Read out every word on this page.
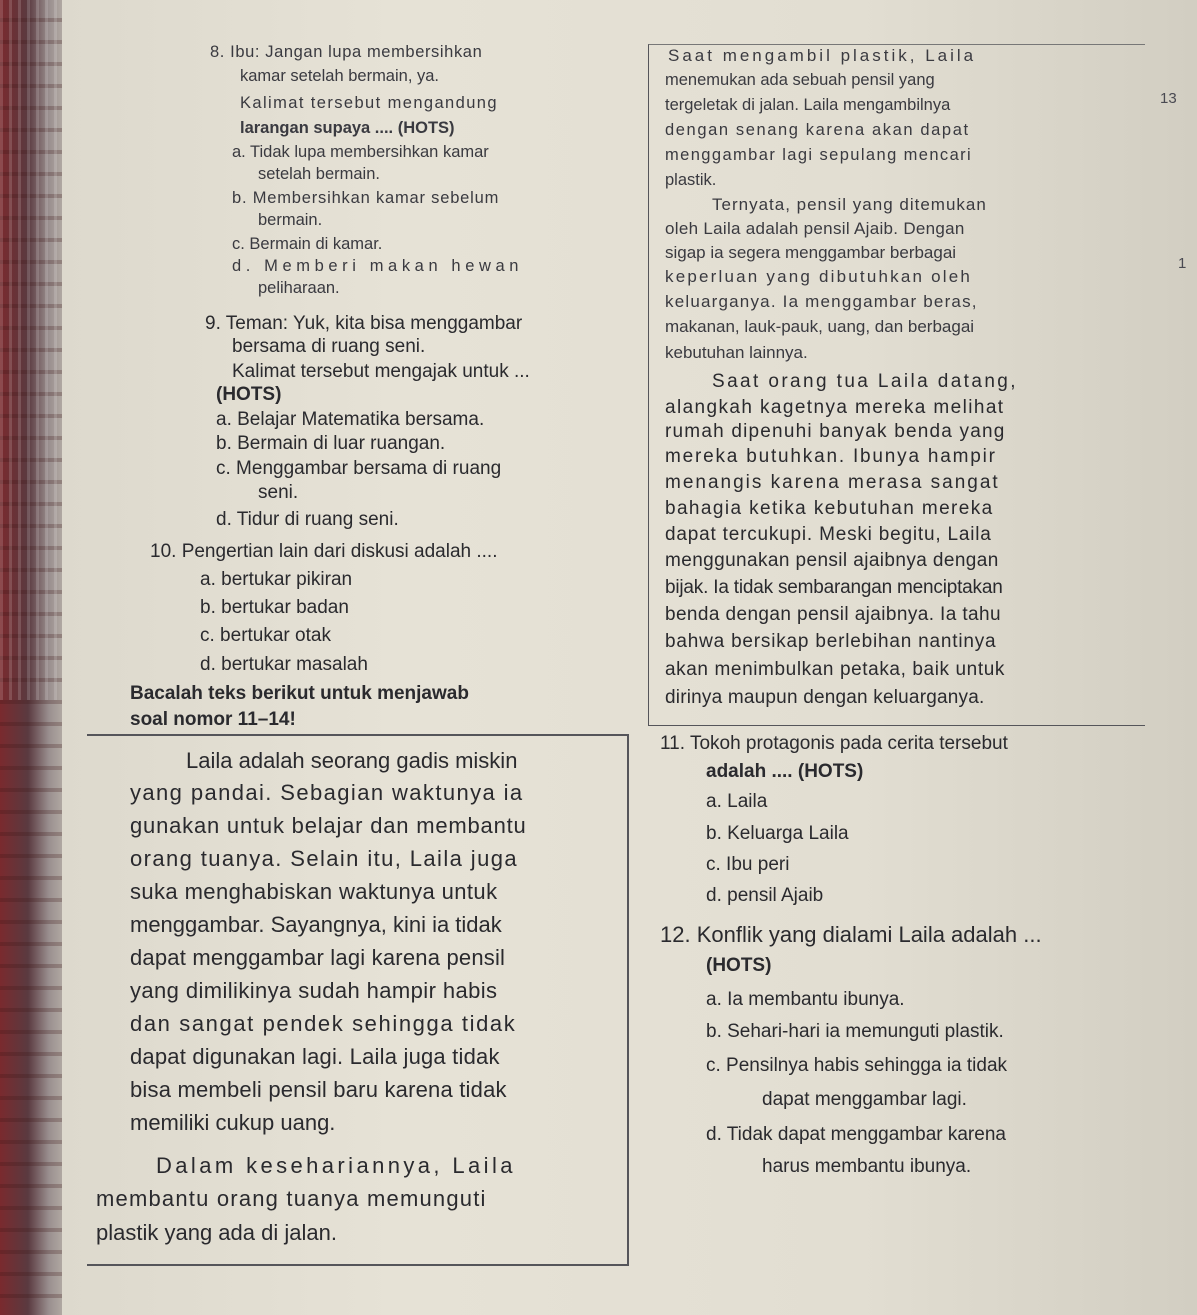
13
1
8. Ibu: Jangan lupa membersihkan
kamar setelah bermain, ya.
Kalimat tersebut mengandung
larangan supaya .... (HOTS)
a. Tidak lupa membersihkan kamar
setelah bermain.
b. Membersihkan kamar sebelum
bermain.
c. Bermain di kamar.
d. Memberi makan hewan
peliharaan.
9. Teman: Yuk, kita bisa menggambar
bersama di ruang seni.
Kalimat tersebut mengajak untuk ...
(HOTS)
a. Belajar Matematika bersama.
b. Bermain di luar ruangan.
c. Menggambar bersama di ruang
seni.
d. Tidur di ruang seni.
10. Pengertian lain dari diskusi adalah ....
a. bertukar pikiran
b. bertukar badan
c. bertukar otak
d. bertukar masalah
Bacalah teks berikut untuk menjawab
soal nomor 11–14!
Laila adalah seorang gadis miskin
yang pandai. Sebagian waktunya ia
gunakan untuk belajar dan membantu
orang tuanya. Selain itu, Laila juga
suka menghabiskan waktunya untuk
menggambar. Sayangnya, kini ia tidak
dapat menggambar lagi karena pensil
yang dimilikinya sudah hampir habis
dan sangat pendek sehingga tidak
dapat digunakan lagi. Laila juga tidak
bisa membeli pensil baru karena tidak
memiliki cukup uang.
Dalam kesehariannya, Laila
membantu orang tuanya memunguti
plastik yang ada di jalan.
Saat mengambil plastik, Laila
menemukan ada sebuah pensil yang
tergeletak di jalan. Laila mengambilnya
dengan senang karena akan dapat
menggambar lagi sepulang mencari
plastik.
Ternyata, pensil yang ditemukan
oleh Laila adalah pensil Ajaib. Dengan
sigap ia segera menggambar berbagai
keperluan yang dibutuhkan oleh
keluarganya. Ia menggambar beras,
makanan, lauk-pauk, uang, dan berbagai
kebutuhan lainnya.
Saat orang tua Laila datang,
alangkah kagetnya mereka melihat
rumah dipenuhi banyak benda yang
mereka butuhkan. Ibunya hampir
menangis karena merasa sangat
bahagia ketika kebutuhan mereka
dapat tercukupi. Meski begitu, Laila
menggunakan pensil ajaibnya dengan
bijak. Ia tidak sembarangan menciptakan
benda dengan pensil ajaibnya. Ia tahu
bahwa bersikap berlebihan nantinya
akan menimbulkan petaka, baik untuk
dirinya maupun dengan keluarganya.
11. Tokoh protagonis pada cerita tersebut
adalah .... (HOTS)
a. Laila
b. Keluarga Laila
c. Ibu peri
d. pensil Ajaib
12. Konflik yang dialami Laila adalah ...
(HOTS)
a. Ia membantu ibunya.
b. Sehari-hari ia memunguti plastik.
c. Pensilnya habis sehingga ia tidak
dapat menggambar lagi.
d. Tidak dapat menggambar karena
harus membantu ibunya.
